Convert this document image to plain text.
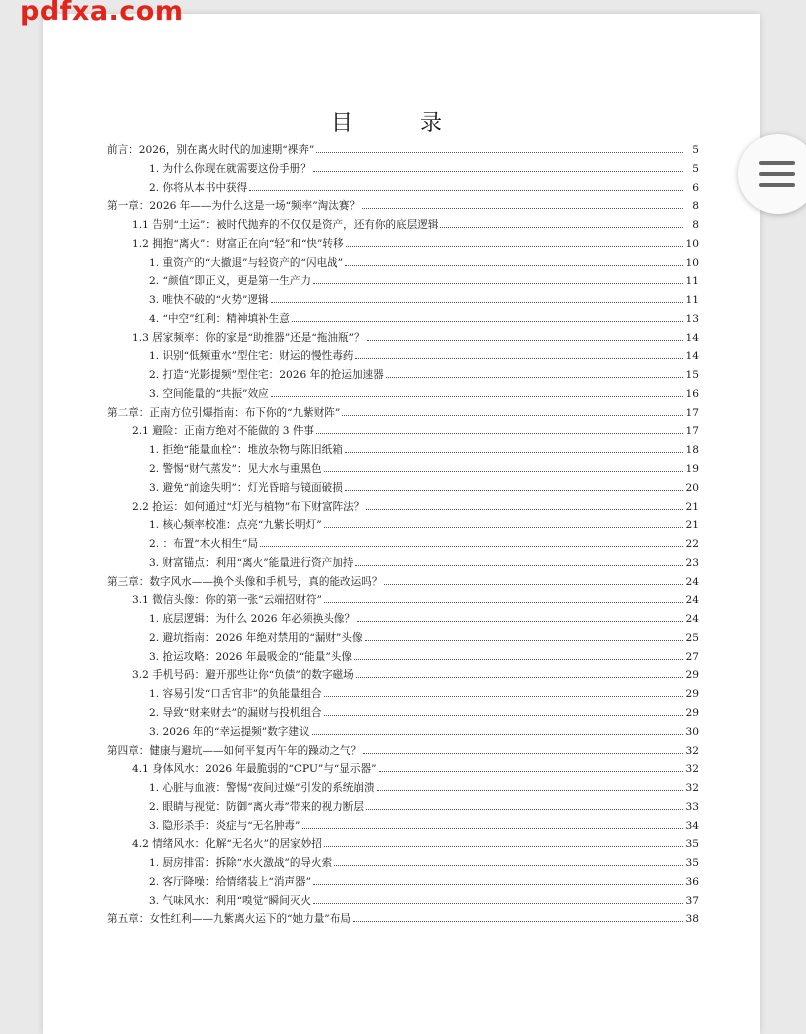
pdfxa.com
目 录
前言：2026，别在离火时代的加速期“裸奔”	5
1. 为什么你现在就需要这份手册？	5
2. 你将从本书中获得	6
第一章：2026 年——为什么这是一场“频率”淘汰赛？	8
1.1 告别“土运”：被时代抛弃的不仅仅是资产，还有你的底层逻辑	8
1.2 拥抱“离火”：财富正在向“轻”和“快”转移	10
1. 重资产的“大撤退”与轻资产的“闪电战”	10
2. “颜值”即正义，更是第一生产力	11
3. 唯快不破的“火势”逻辑	11
4. “中空”红利：精神填补生意	13
1.3 居家频率：你的家是“助推器”还是“拖油瓶”？	14
1. 识别“低频重水”型住宅：财运的慢性毒药	14
2. 打造“光影提频”型住宅：2026 年的抢运加速器	15
3. 空间能量的“共振”效应	16
第二章：正南方位引爆指南：布下你的“九紫财阵”	17
2.1 避险：正南方绝对不能做的 3 件事	17
1. 拒绝“能量血栓”：堆放杂物与陈旧纸箱	18
2. 警惕“财气蒸发”：见大水与重黑色	19
3. 避免“前途失明”：灯光昏暗与镜面破损	20
2.2 抢运：如何通过“灯光与植物”布下财富阵法？	21
1. 核心频率校准：点亮“九紫长明灯”	21
2. ：布置“木火相生”局	22
3. 财富锚点：利用“离火”能量进行资产加持	23
第三章：数字风水——换个头像和手机号，真的能改运吗？	24
3.1 微信头像：你的第一张“云端招财符”	24
1. 底层逻辑：为什么 2026 年必须换头像？	24
2. 避坑指南：2026 年绝对禁用的“漏财”头像	25
3. 抢运攻略：2026 年最吸金的“能量”头像	27
3.2 手机号码：避开那些让你“负债”的数字磁场	29
1. 容易引发“口舌官非”的负能量组合	29
2. 导致“财来财去”的漏财与投机组合	29
3. 2026 年的“幸运提频”数字建议	30
第四章：健康与避坑——如何平复丙午年的躁动之气？	32
4.1 身体风水：2026 年最脆弱的“CPU”与“显示器”	32
1. 心脏与血液：警惕“夜间过燥”引发的系统崩溃	32
2. 眼睛与视觉：防御“离火毒”带来的视力断层	33
3. 隐形杀手：炎症与“无名肿毒”	34
4.2 情绪风水：化解“无名火”的居家妙招	35
1. 厨房排雷：拆除“水火激战”的导火索	35
2. 客厅降噪：给情绪装上“消声器”	36
3. 气味风水：利用“嗅觉”瞬间灭火	37
第五章：女性红利——九紫离火运下的“她力量”布局	38
